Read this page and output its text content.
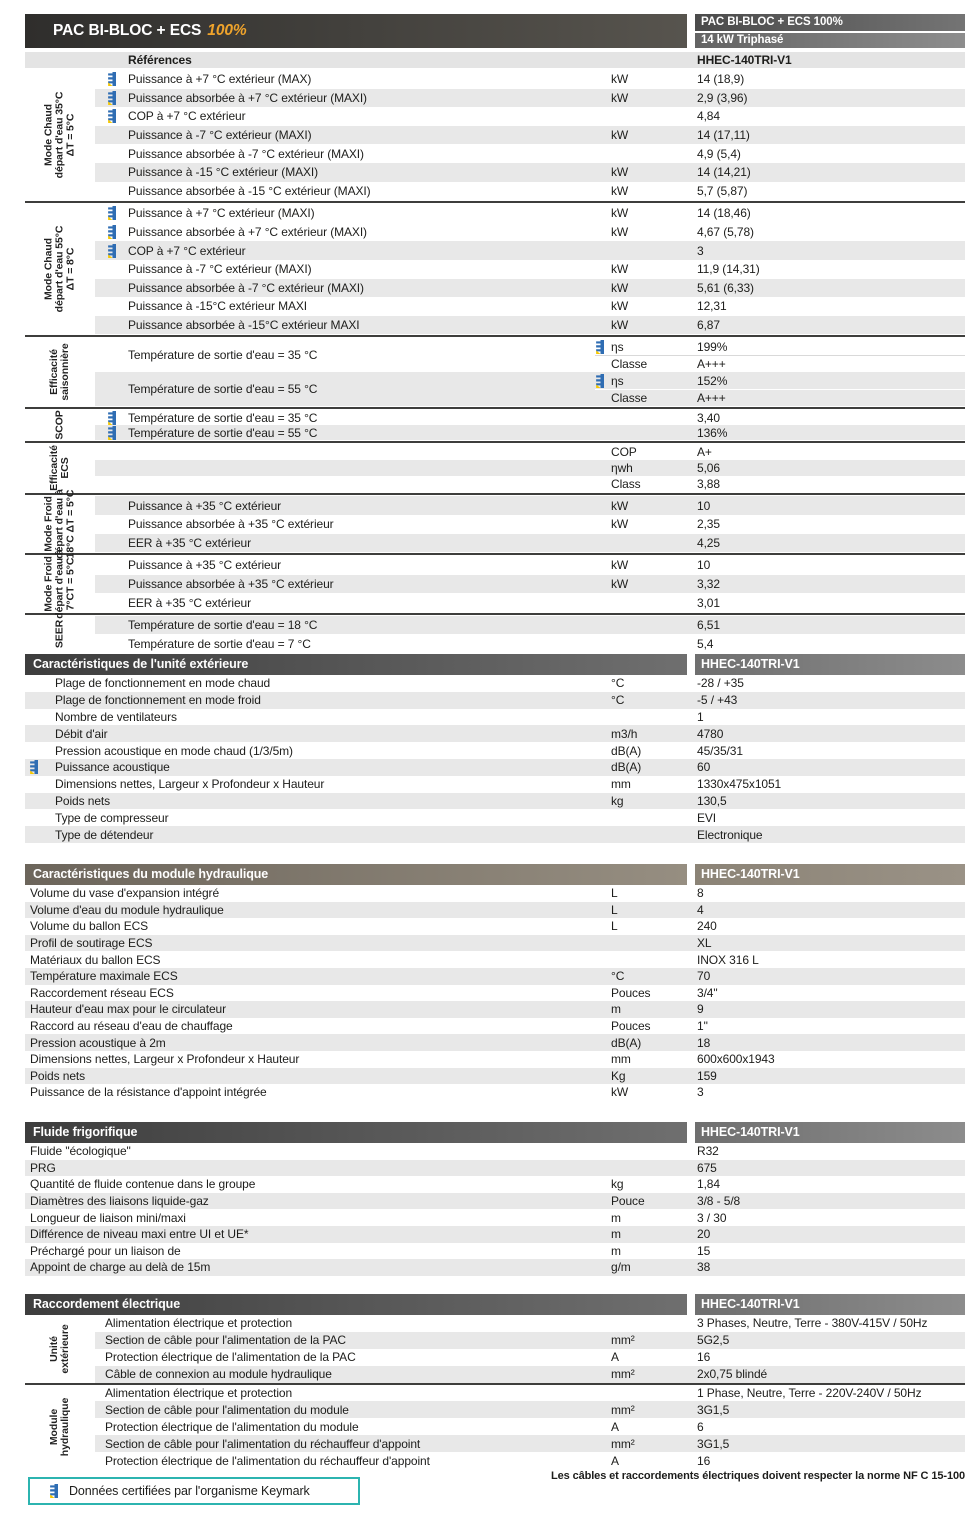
PAC BI-BLOC + ECS 100%	PAC BI-BLOC + ECS 100%
14 kW Triphasé
Références	HHEC-140TRI-V1
Mode Chaud départ d'eau 35°C ΔT = 5°C
Puissance à +7 °C extérieur (MAX)	kW	14 (18,9)
Puissance absorbée à +7 °C extérieur (MAXI)	kW	2,9 (3,96)
COP à +7 °C extérieur	4,84
Puissance à -7 °C extérieur (MAXI)	kW	14 (17,11)
Puissance absorbée à -7 °C extérieur (MAXI)	4,9 (5,4)
Puissance à -15 °C extérieur (MAXI)	kW	14 (14,21)
Puissance absorbée à -15 °C extérieur (MAXI)	kW	5,7 (5,87)
Mode Chaud départ d'eau 55°C ΔT = 8°C
Puissance à +7 °C extérieur (MAXI)	kW	14 (18,46)
Puissance absorbée à +7 °C extérieur (MAXI)	kW	4,67 (5,78)
COP à +7 °C extérieur	3
Puissance à -7 °C extérieur (MAXI)	kW	11,9 (14,31)
Puissance absorbée à -7 °C extérieur (MAXI)	kW	5,61 (6,33)
Puissance à -15°C extérieur MAXI	kW	12,31
Puissance absorbée à -15°C extérieur MAXI	kW	6,87
Efficacité saisonnière	Température de sortie d'eau = 35 °C
ηs	199%
Classe	A+++
Température de sortie d'eau = 55 °C
ηs	152%
Classe	A+++
SCOP	Température de sortie d'eau = 35 °C	3,40
Température de sortie d'eau = 55 °C	136%
Efficacité ECS
COP	A+
ηwh	5,06
Class	3,88
Mode Froid départ d'eau à 18°C ΔT = 5°C	Puissance à +35 °C extérieur	kW	10
Puissance absorbée à +35 °C extérieur	kW	2,35
EER à +35 °C extérieur	4,25
Mode Froid départ d'eau à 7°CT = 5°C	Puissance à +35 °C extérieur	kW	10
Puissance absorbée à +35 °C extérieur	kW	3,32
EER à +35 °C extérieur	3,01
SEER	Température de sortie d'eau = 18 °C	6,51
Température de sortie d'eau = 7 °C	5,4
Caractéristiques de l'unité extérieure	HHEC-140TRI-V1
Plage de fonctionnement en mode chaud	°C	-28 / +35
Plage de fonctionnement en mode froid	°C	-5 / +43
Nombre de ventilateurs	1
Débit d'air	m3/h	4780
Pression acoustique en mode chaud (1/3/5m)	dB(A)	45/35/31
Puissance acoustique	dB(A)	60
Dimensions nettes, Largeur x Profondeur x Hauteur	mm	1330x475x1051
Poids nets	kg	130,5
Type de compresseur	EVI
Type de détendeur	Electronique
Caractéristiques du module hydraulique	HHEC-140TRI-V1
Volume du vase d'expansion intégré	L	8
Volume d'eau du module hydraulique	L	4
Volume du ballon ECS	L	240
Profil de soutirage ECS	XL
Matériaux du ballon ECS	INOX 316 L
Température maximale ECS	°C	70
Raccordement réseau ECS	Pouces	3/4"
Hauteur d'eau max pour le circulateur	m	9
Raccord au réseau d'eau de chauffage	Pouces	1"
Pression acoustique à 2m	dB(A)	18
Dimensions nettes, Largeur x Profondeur x Hauteur	mm	600x600x1943
Poids nets	Kg	159
Puissance de la résistance d'appoint intégrée	kW	3
Fluide frigorifique	HHEC-140TRI-V1
Fluide "écologique"	R32
PRG	675
Quantité de fluide contenue dans le groupe	kg	1,84
Diamètres des liaisons liquide-gaz	Pouce	3/8 - 5/8
Longueur de liaison mini/maxi	m	3 / 30
Différence de niveau maxi entre UI et UE*	m	20
Préchargé pour un liaison de	m	15
Appoint de charge au delà de 15m	g/m	38
Raccordement électrique	HHEC-140TRI-V1
Unité extérieure
Alimentation électrique et protection	3 Phases, Neutre, Terre - 380V-415V / 50Hz
Section de câble pour l'alimentation de la PAC	mm²	5G2,5
Protection électrique de l'alimentation de la PAC	A	16
Câble de connexion au module hydraulique	mm²	2x0,75 blindé
Module hydraulique
Alimentation électrique et protection	1 Phase, Neutre, Terre - 220V-240V / 50Hz
Section de câble pour l'alimentation du module	mm²	3G1,5
Protection électrique de l'alimentation du module	A	6
Section de câble pour l'alimentation du réchauffeur d'appoint	mm²	3G1,5
Protection électrique de l'alimentation du réchauffeur d'appoint	A	16
Les câbles et raccordements électriques doivent respecter la norme NF C 15-100
Données certifiées par l'organisme Keymark
